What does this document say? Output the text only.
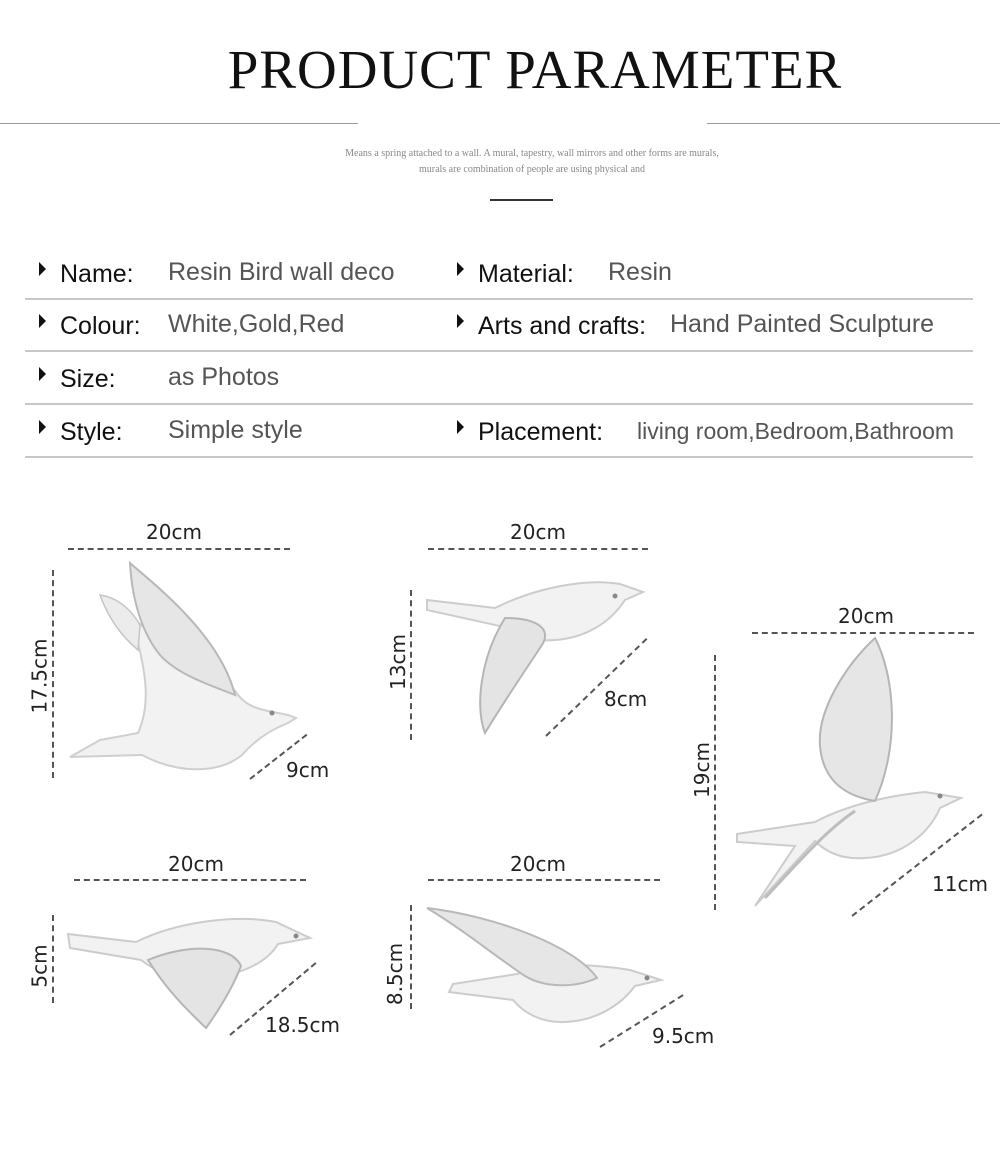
PRODUCT PARAMETER
Means a spring attached to a wall. A mural, tapestry, wall mirrors and other forms are murals,
murals are combination of people are using physical and
Name: Resin Bird wall deco	Material: Resin
Colour: White,Gold,Red	Arts and crafts: Hand Painted Sculpture
Size: as Photos
Style: Simple style	Placement: living room,Bedroom,Bathroom
20cm
17.5cm
9cm
20cm
13cm
8cm
20cm
19cm
11cm
20cm
5cm
18.5cm
20cm
8.5cm
9.5cm
